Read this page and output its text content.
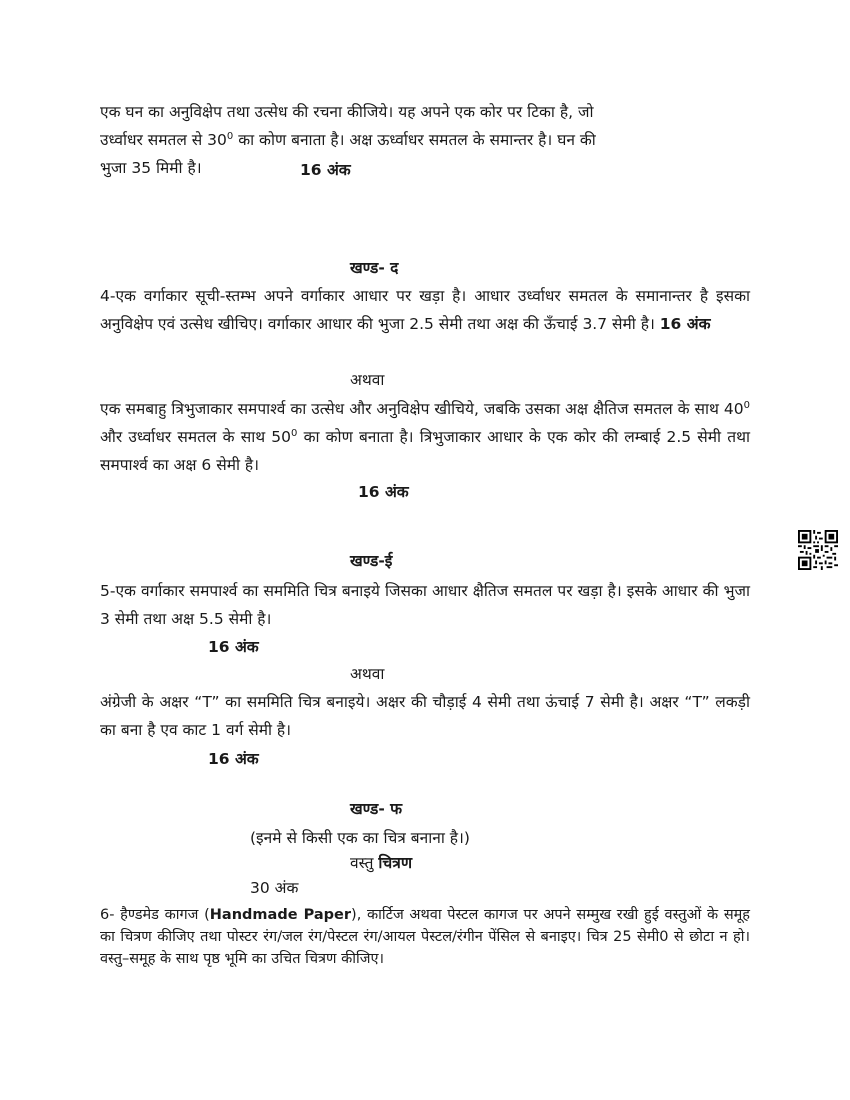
एक घन का अनुविक्षेप तथा उत्सेध की रचना कीजिये। यह अपने एक कोर पर टिका है, जो
उर्ध्वाधर समतल से $30^0$ का कोण बनाता है। अक्ष ऊर्ध्वाधर समतल के समान्तर है। घन की
भुजा 35 मिमी है।	16 अंक
खण्ड- द
4-एक वर्गाकार सूची-स्तम्भ अपने वर्गाकार आधार पर खड़ा है। आधार उर्ध्वाधर समतल के समानान्तर है इसका अनुविक्षेप एवं उत्सेध खीचिए। वर्गाकार आधार की भुजा 2.5 सेमी तथा अक्ष की ऊँचाई 3.7 सेमी है। 16 अंक
अथवा
एक समबाहु त्रिभुजाकार समपार्श्व का उत्सेध और अनुविक्षेप खीचिये, जबकि उसका अक्ष क्षैतिज समतल के साथ $40^0$ और उर्ध्वाधर समतल के साथ $50^0$ का कोण बनाता है। त्रिभुजाकार आधार के एक कोर की लम्बाई 2.5 सेमी तथा समपार्श्व का अक्ष 6 सेमी है।
16 अंक
खण्ड-ई
5-एक वर्गाकार समपार्श्व का सममिति चित्र बनाइये जिसका आधार क्षैतिज समतल पर खड़ा है। इसके आधार की भुजा 3 सेमी तथा अक्ष 5.5 सेमी है।
16 अंक
अथवा
अंग्रेजी के अक्षर “T” का सममिति चित्र बनाइये। अक्षर की चौड़ाई 4 सेमी तथा ऊंचाई 7 सेमी है। अक्षर “T” लकड़ी का बना है एव काट 1 वर्ग सेमी है।
16 अंक
खण्ड- फ
(इनमे से किसी एक का चित्र बनाना है।)
वस्तु चित्रण
30 अंक
6- हैण्डमेड कागज (Handmade Paper), कार्टिज अथवा पेस्टल कागज पर अपने सम्मुख रखी हुई वस्तुओं के समूह का चित्रण कीजिए तथा पोस्टर रंग/जल रंग/पेस्टल रंग/आयल पेस्टल/रंगीन पेंसिल से बनाइए। चित्र 25 सेमी0 से छोटा न हो। वस्तु–समूह के साथ पृष्ठ भूमि का उचित चित्रण कीजिए।
